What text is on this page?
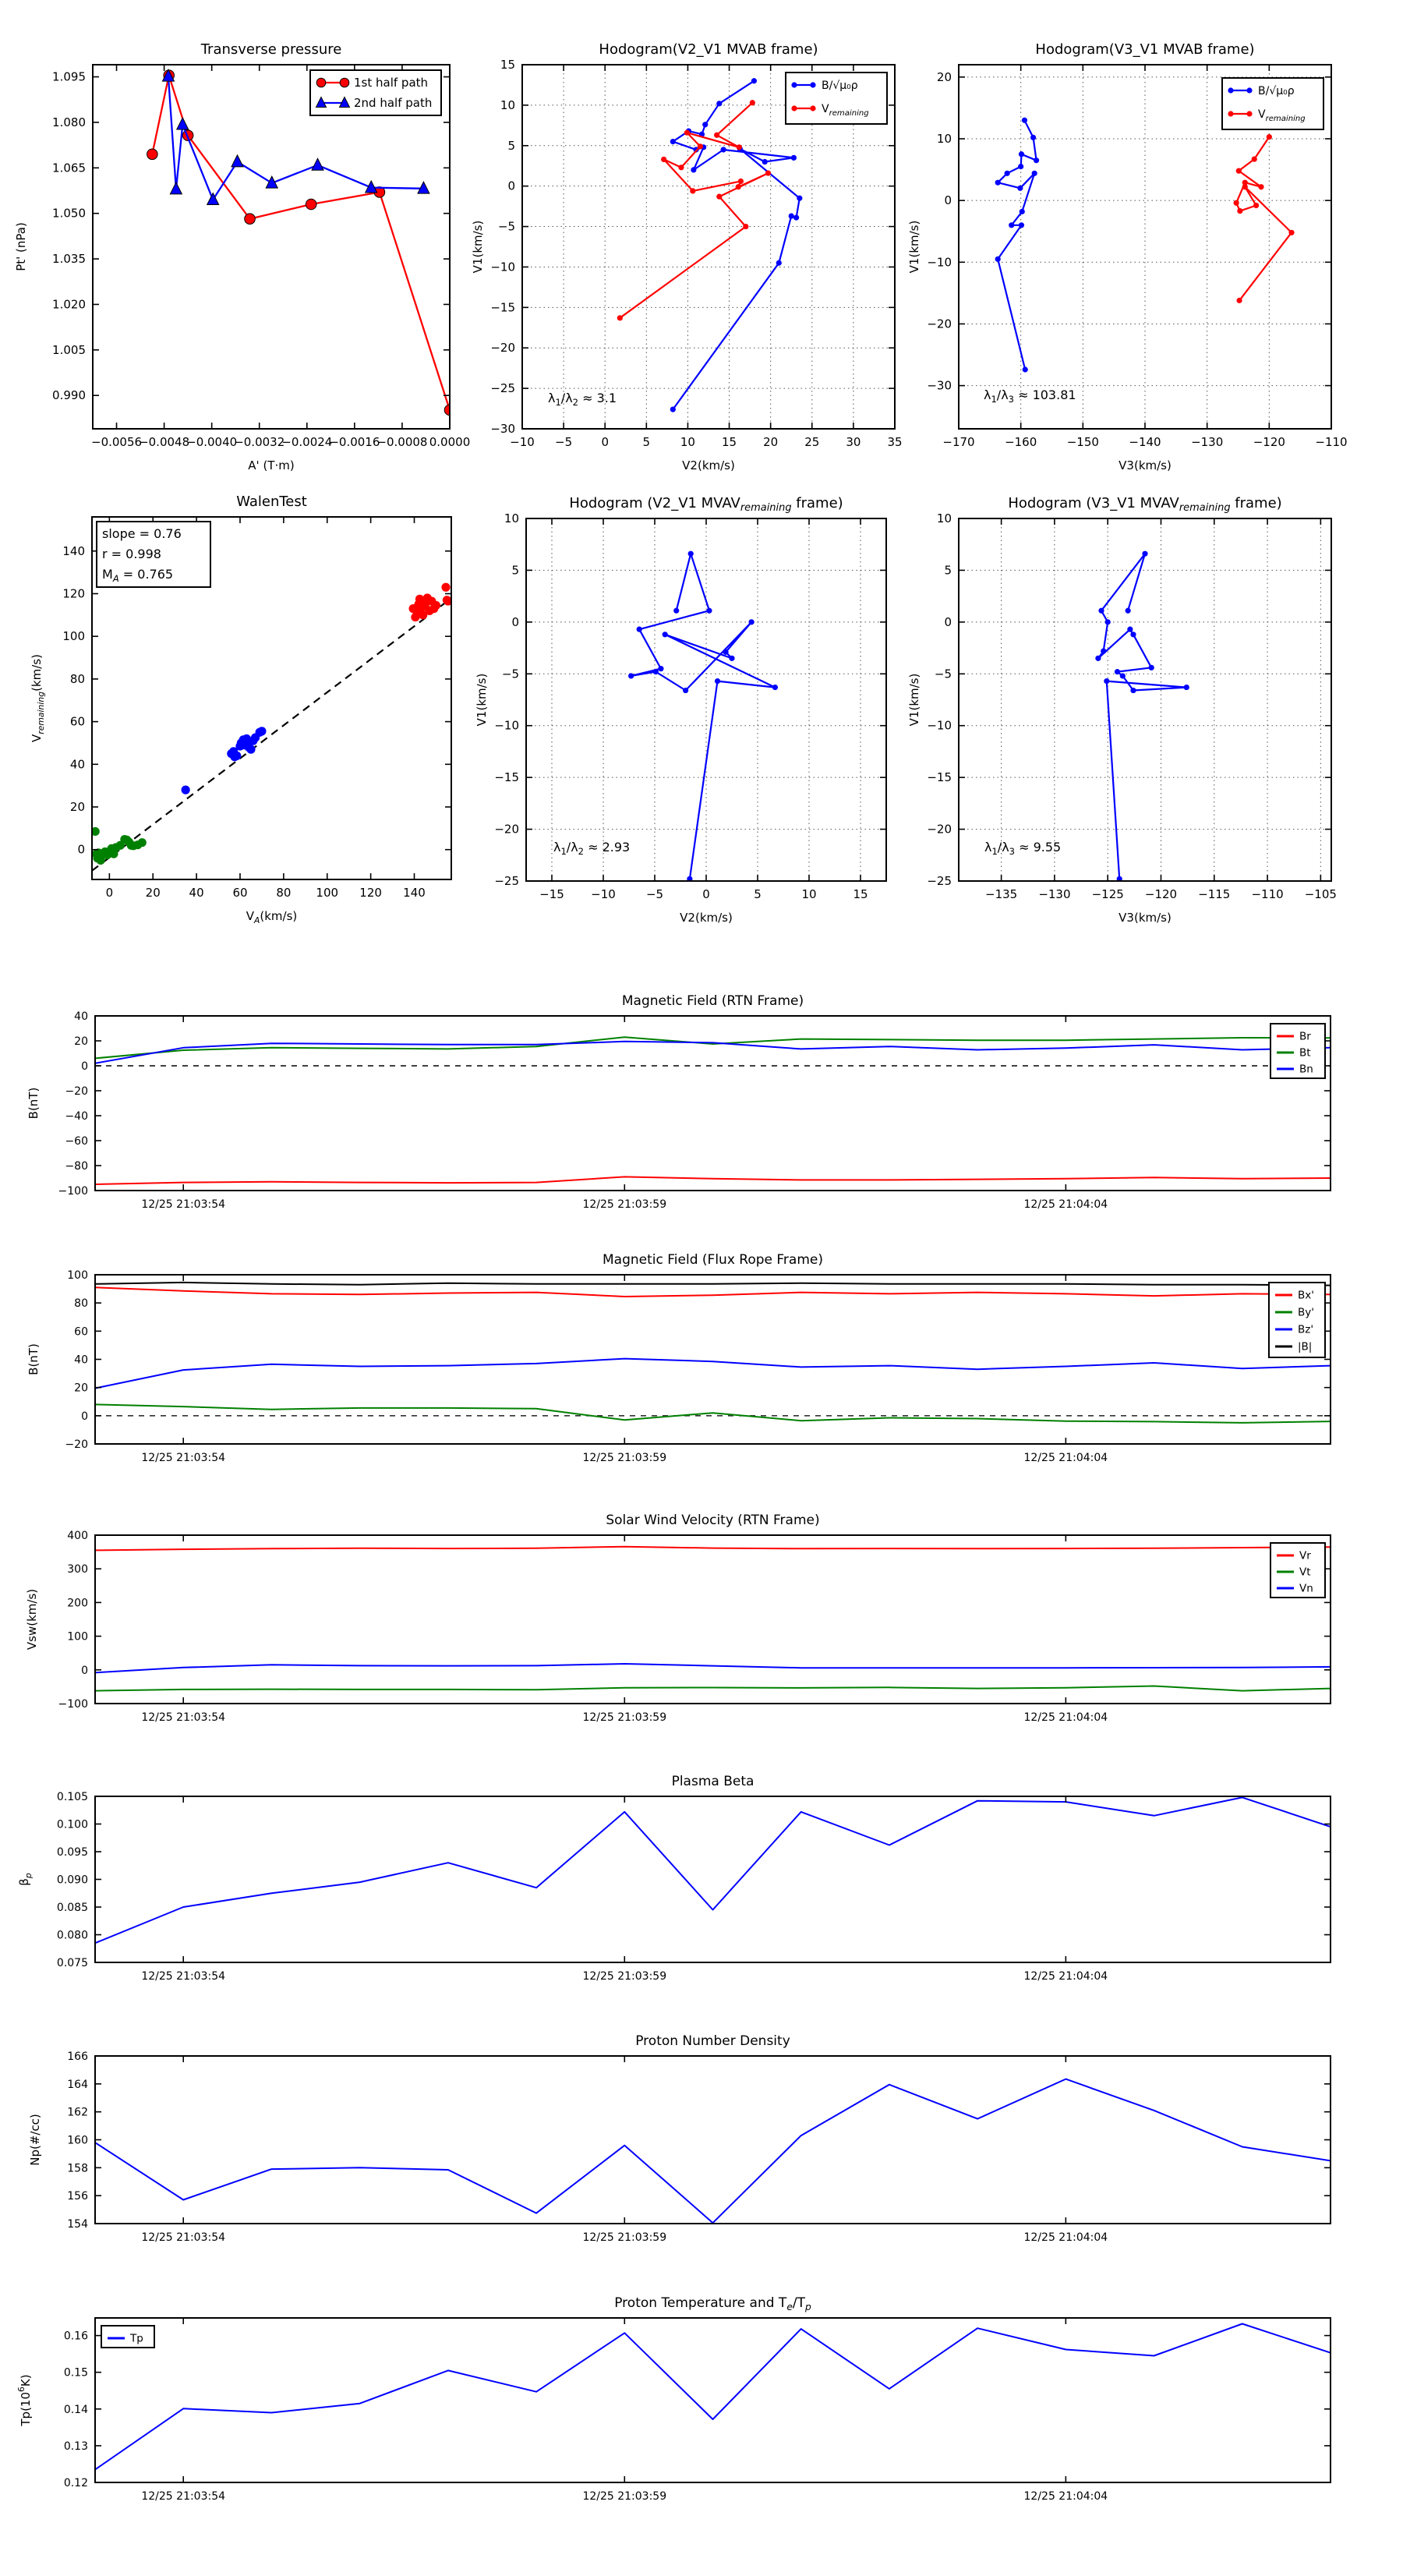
−0.0056
−0.0048
−0.0040
−0.0032
−0.0024
−0.0016
−0.0008 0.0000
0.990
1.005
1.020
1.035
1.050
1.065
1.080
1.095
Transverse pressure
A' (T·m)
Pt' (nPa)
1st half path
2nd half path
−10 −5 0	5	10 15 20 25 30 35
−30
−25
−20
−15
−10
−5
0
5
10
15
Hodogram(V2_V1 MVAB frame)
V2(km/s)
V1(km/s)
B/√μ₀ρ
$V_{remaining}$
$\lambda_1/\lambda_2 \approx 3.1$
−170	−160	−150	−140	−130	−120	−110
−30
−20
−10
0
10
20
Hodogram(V3_V1 MVAB frame)
V3(km/s)
V1(km/s)
B/√μ₀ρ
$V_{remaining}$
$\lambda_1/\lambda_3 \approx 103.81$
0	20 40 60 80 100 120 140
0
20
40
60
80
100
120
140
WalenTest
$V_A(km/s)$
$V_{remaining}(km/s)$
slope = 0.76
r = 0.998
$M_A = 0.765$
−15 −10	−5	0	5	10	15
−25
−20
−15
−10
−5
0
5
10
Hodogram (V2_V1 $MVAV_{remaining}$ frame)
V2(km/s)
V1(km/s)
$\lambda_1/\lambda_2 \approx 2.93$
−135 −130 −125 −120 −115 −110 −105
−25
−20
−15
−10
−5
0
5
10
Hodogram (V3_V1 $MVAV_{remaining}$ frame)
V3(km/s)
V1(km/s)
$\lambda_1/\lambda_3 \approx 9.55$
12/25 21:03:54	12/25 21:03:59	12/25 21:04:04
−100
−80
−60
−40
−20
0
20
40
Magnetic Field (RTN Frame)
B(nT)
Br
Bt
Bn
12/25 21:03:54	12/25 21:03:59	12/25 21:04:04
−20
0
20
40
60
80
100
Magnetic Field (Flux Rope Frame)
B(nT)
Bx'
By'
Bz'
|B|
12/25 21:03:54	12/25 21:03:59	12/25 21:04:04
−100
0
100
200
300
400
Solar Wind Velocity (RTN Frame)
Vsw(km/s)
Vr
Vt
Vn
12/25 21:03:54	12/25 21:03:59	12/25 21:04:04
0.075
0.080
0.085
0.090
0.095
0.100
0.105
Plasma Beta
$\beta_p$
12/25 21:03:54	12/25 21:03:59	12/25 21:04:04
154
156
158
160
162
164
166
Proton Number Density
Np(#/cc)
12/25 21:03:54	12/25 21:03:59	12/25 21:04:04
0.12
0.13
0.14
0.15
0.16
Proton Temperature and $T_e/T_p$
$Tp(10^6K)$
Tp
